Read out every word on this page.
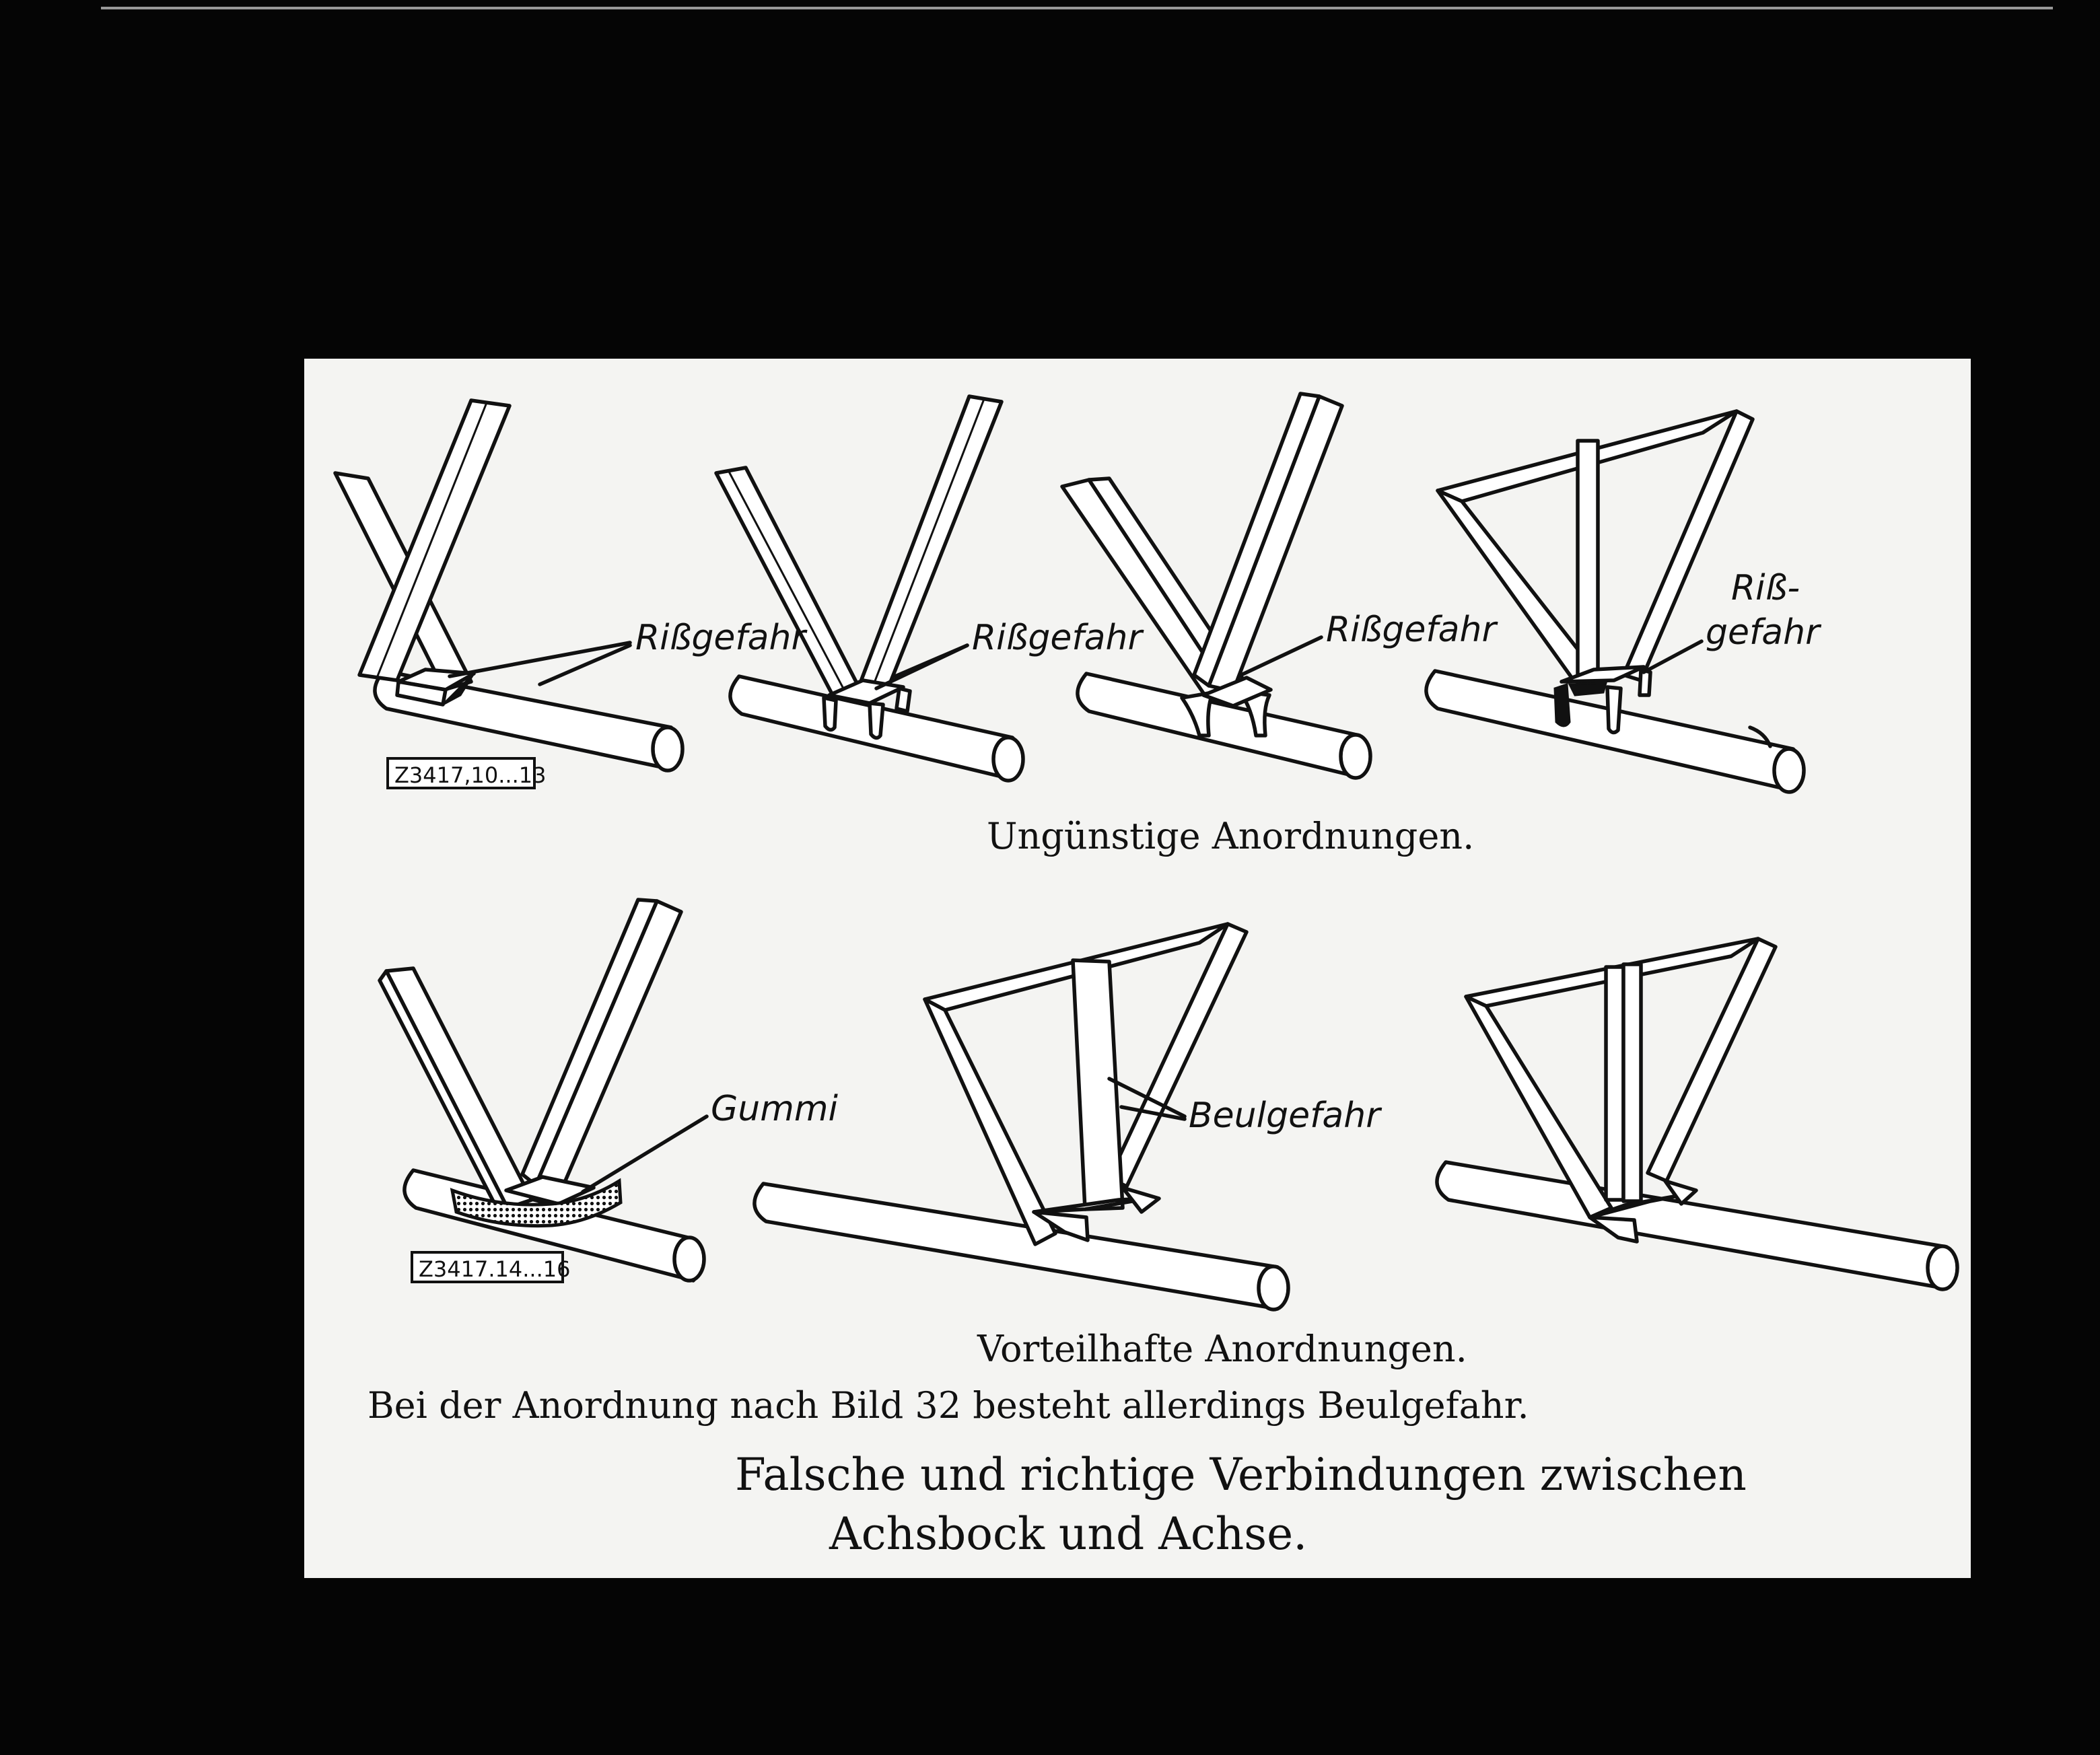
Rißgefahr	Rißgefahr	Rißgefahr
Riß-
gefahr
Gummi	Beulgefahr
Z3417,10...13
Z3417.14...16
Ungünstige Anordnungen.
Vorteilhafte Anordnungen.
Bei der Anordnung nach Bild 32 besteht allerdings Beulgefahr.
Falsche und richtige Verbindungen zwischen
Achsbock und Achse.
